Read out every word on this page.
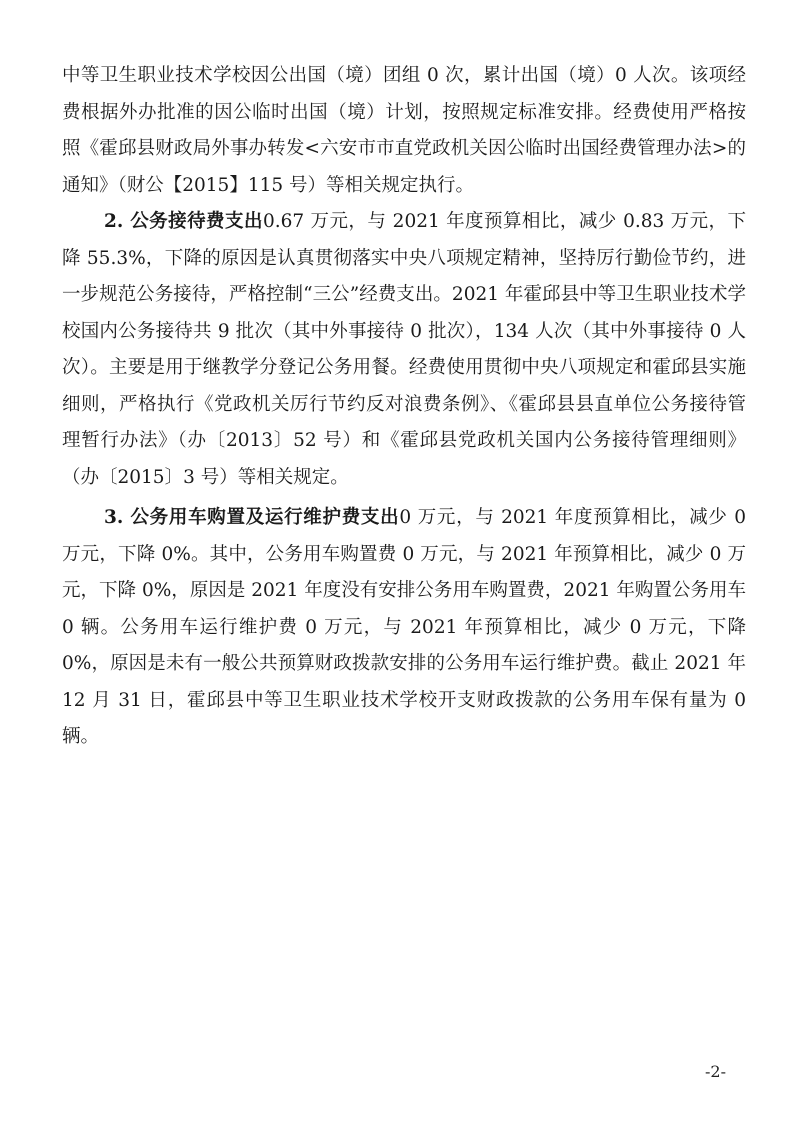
中等卫生职业技术学校因公出国（境）团组 0 次，累计出国（境）0 人次。该项经费根据外办批准的因公临时出国（境）计划，按照规定标准安排。经费使用严格按照《霍邱县财政局外事办转发<六安市市直党政机关因公临时出国经费管理办法>的通知》（财公【2015】115 号）等相关规定执行。

2. 公务接待费支出0.67 万元，与 2021 年度预算相比，减少 0.83 万元，下降 55.3%，下降的原因是认真贯彻落实中央八项规定精神，坚持厉行勤俭节约，进一步规范公务接待，严格控制“三公”经费支出。2021 年霍邱县中等卫生职业技术学校国内公务接待共 9 批次（其中外事接待 0 批次），134 人次（其中外事接待 0 人次）。主要是用于继教学分登记公务用餐。经费使用贯彻中央八项规定和霍邱县实施细则，严格执行《党政机关厉行节约反对浪费条例》、《霍邱县县直单位公务接待管理暂行办法》（办〔2013〕52 号）和《霍邱县党政机关国内公务接待管理细则》（办〔2015〕3 号）等相关规定。

3. 公务用车购置及运行维护费支出0 万元，与 2021 年度预算相比，减少 0 万元，下降 0%。其中，公务用车购置费 0 万元，与 2021 年预算相比，减少 0 万元，下降 0%，原因是 2021 年度没有安排公务用车购置费，2021 年购置公务用车 0 辆。公务用车运行维护费 0 万元，与 2021 年预算相比，减少 0 万元，下降 0%，原因是未有一般公共预算财政拨款安排的公务用车运行维护费。截止 2021 年 12 月 31 日，霍邱县中等卫生职业技术学校开支财政拨款的公务用车保有量为 0 辆。

-2-
